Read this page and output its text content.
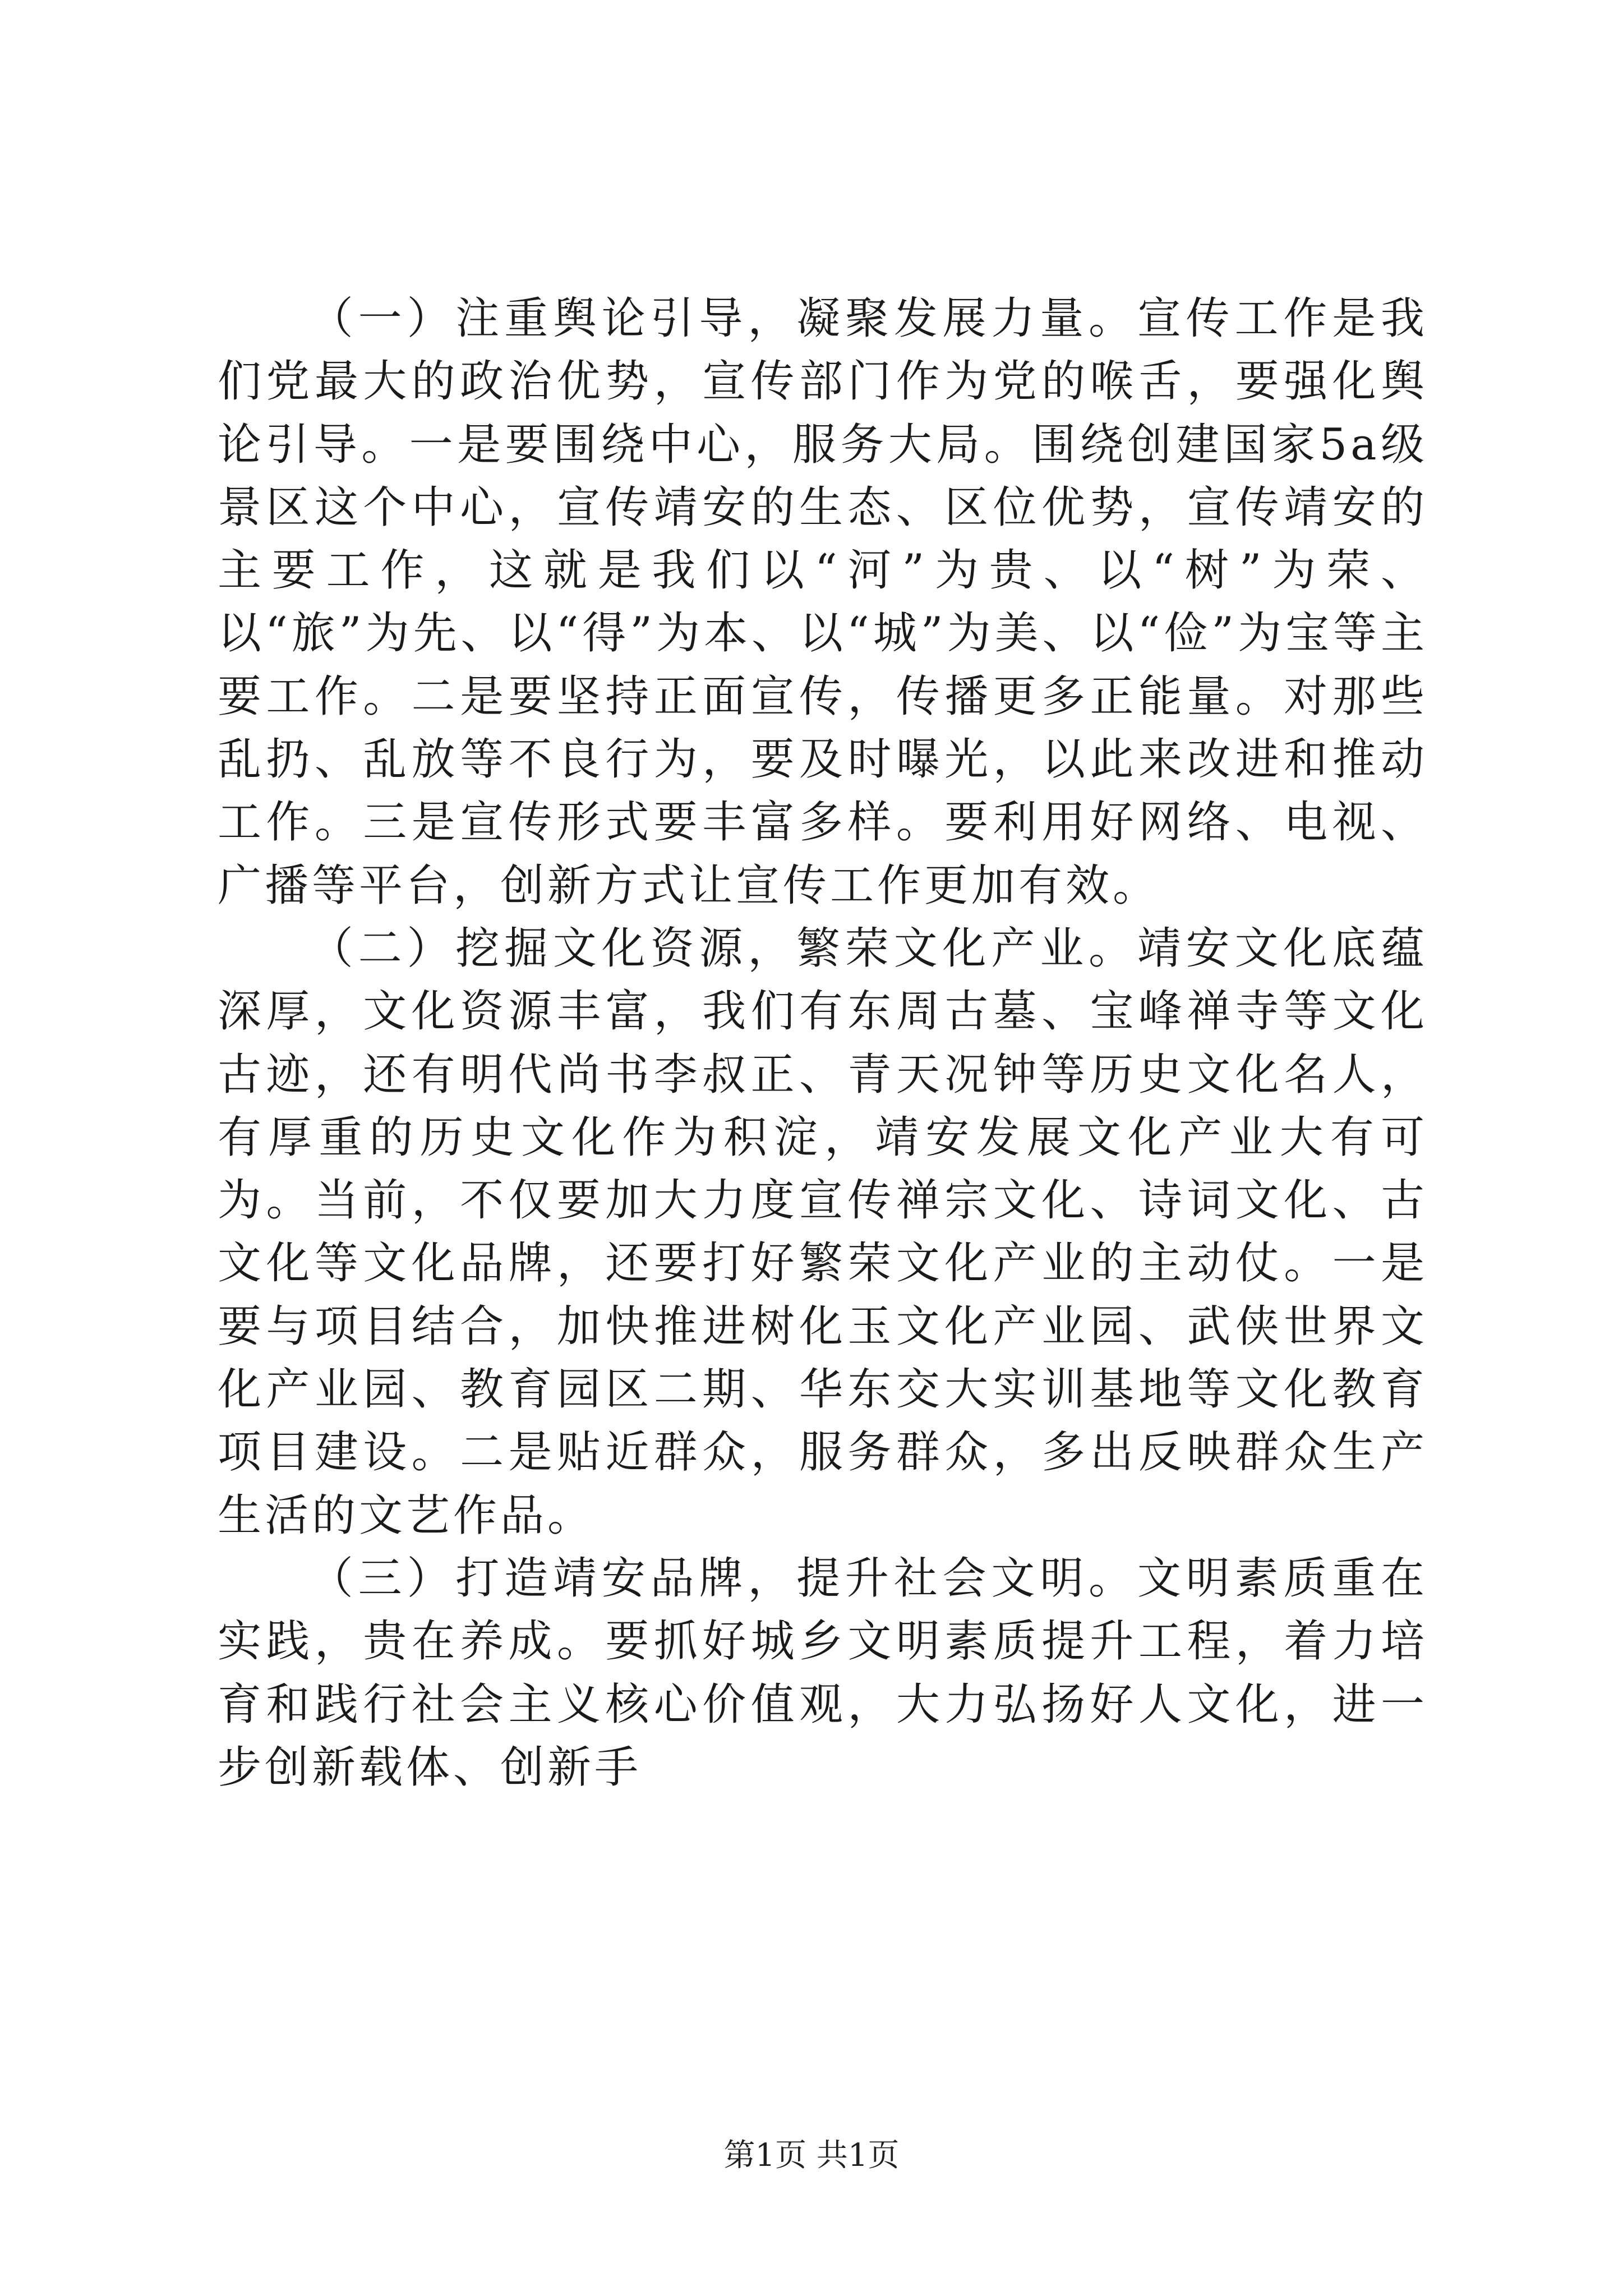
（一）注重舆论引导，凝聚发展力量。宣传工作是我们党最大的政治优势，宣传部门作为党的喉舌，要强化舆论引导。一是要围绕中心，服务大局。围绕创建国家5a级景区这个中心，宣传靖安的生态、区位优势，宣传靖安的主要工作，这就是我们以“河”为贵、以“树”为荣、以“旅”为先、以“得”为本、以“城”为美、以“俭”为宝等主要工作。二是要坚持正面宣传，传播更多正能量。对那些乱扔、乱放等不良行为，要及时曝光，以此来改进和推动工作。三是宣传形式要丰富多样。要利用好网络、电视、广播等平台，创新方式让宣传工作更加有效。

（二）挖掘文化资源，繁荣文化产业。靖安文化底蕴深厚，文化资源丰富，我们有东周古墓、宝峰禅寺等文化古迹，还有明代尚书李叔正、青天况钟等历史文化名人，有厚重的历史文化作为积淀，靖安发展文化产业大有可为。当前，不仅要加大力度宣传禅宗文化、诗词文化、古文化等文化品牌，还要打好繁荣文化产业的主动仗。一是要与项目结合，加快推进树化玉文化产业园、武侠世界文化产业园、教育园区二期、华东交大实训基地等文化教育项目建设。二是贴近群众，服务群众，多出反映群众生产生活的文艺作品。

（三）打造靖安品牌，提升社会文明。文明素质重在实践，贵在养成。要抓好城乡文明素质提升工程，着力培育和践行社会主义核心价值观，大力弘扬好人文化，进一步创新载体、创新手

第1页 共1页
